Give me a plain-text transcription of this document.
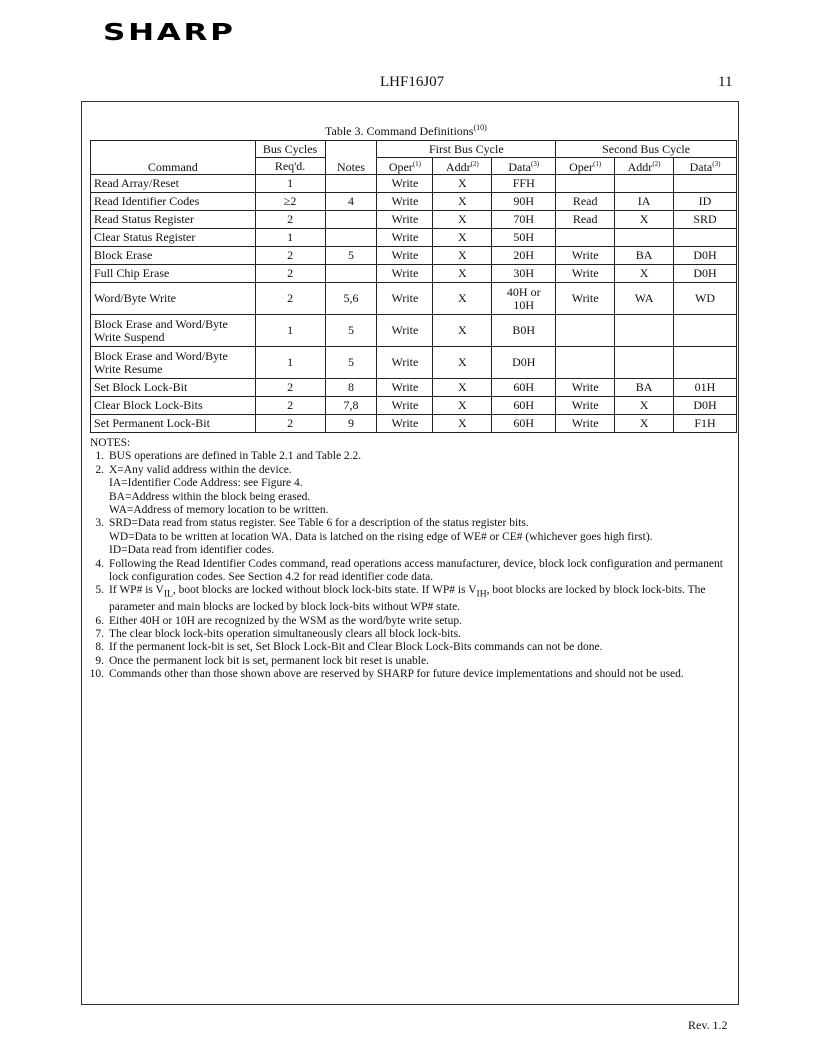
SHARP
LHF16J07	11
Table 3. Command Definitions$^{(10)}$
Command	Bus Cycles	Notes	First Bus Cycle			Second Bus Cycle		
	Req'd.		Oper$^{(1)}$	Addr$^{(2)}$	Data$^{(3)}$	Oper$^{(1)}$	Addr$^{(2)}$	Data$^{(3)}$
Read Array/Reset	1		Write	X	FFH			
Read Identifier Codes	≥2	4	Write	X	90H	Read	IA	ID
Read Status Register	2		Write	X	70H	Read	X	SRD
Clear Status Register	1		Write	X	50H			
Block Erase	2	5	Write	X	20H	Write	BA	D0H
Full Chip Erase	2		Write	X	30H	Write	X	D0H
Word/Byte Write	2	5,6	Write	X	40H or 10H	Write	WA	WD
Block Erase and Word/Byte Write Suspend	1	5	Write	X	B0H			
Block Erase and Word/Byte Write Resume	1	5	Write	X	D0H			
Set Block Lock-Bit	2	8	Write	X	60H	Write	BA	01H
Clear Block Lock-Bits	2	7,8	Write	X	60H	Write	X	D0H
Set Permanent Lock-Bit	2	9	Write	X	60H	Write	X	F1H
NOTES:
1. BUS operations are defined in Table 2.1 and Table 2.2.
2. X=Any valid address within the device.
IA=Identifier Code Address: see Figure 4.
BA=Address within the block being erased.
WA=Address of memory location to be written.
3. SRD=Data read from status register. See Table 6 for a description of the status register bits.
WD=Data to be written at location WA. Data is latched on the rising edge of WE# or CE# (whichever goes high first).
ID=Data read from identifier codes.
4. Following the Read Identifier Codes command, read operations access manufacturer, device, block lock configuration and permanent lock configuration codes. See Section 4.2 for read identifier code data.
5. If WP# is $V_{IL}$, boot blocks are locked without block lock-bits state. If WP# is $V_{IH}$, boot blocks are locked by block lock-bits. The parameter and main blocks are locked by block lock-bits without WP# state.
6. Either 40H or 10H are recognized by the WSM as the word/byte write setup.
7. The clear block lock-bits operation simultaneously clears all block lock-bits.
8. If the permanent lock-bit is set, Set Block Lock-Bit and Clear Block Lock-Bits commands can not be done.
9. Once the permanent lock bit is set, permanent lock bit reset is unable.
10. Commands other than those shown above are reserved by SHARP for future device implementations and should not be used.
Rev. 1.2
